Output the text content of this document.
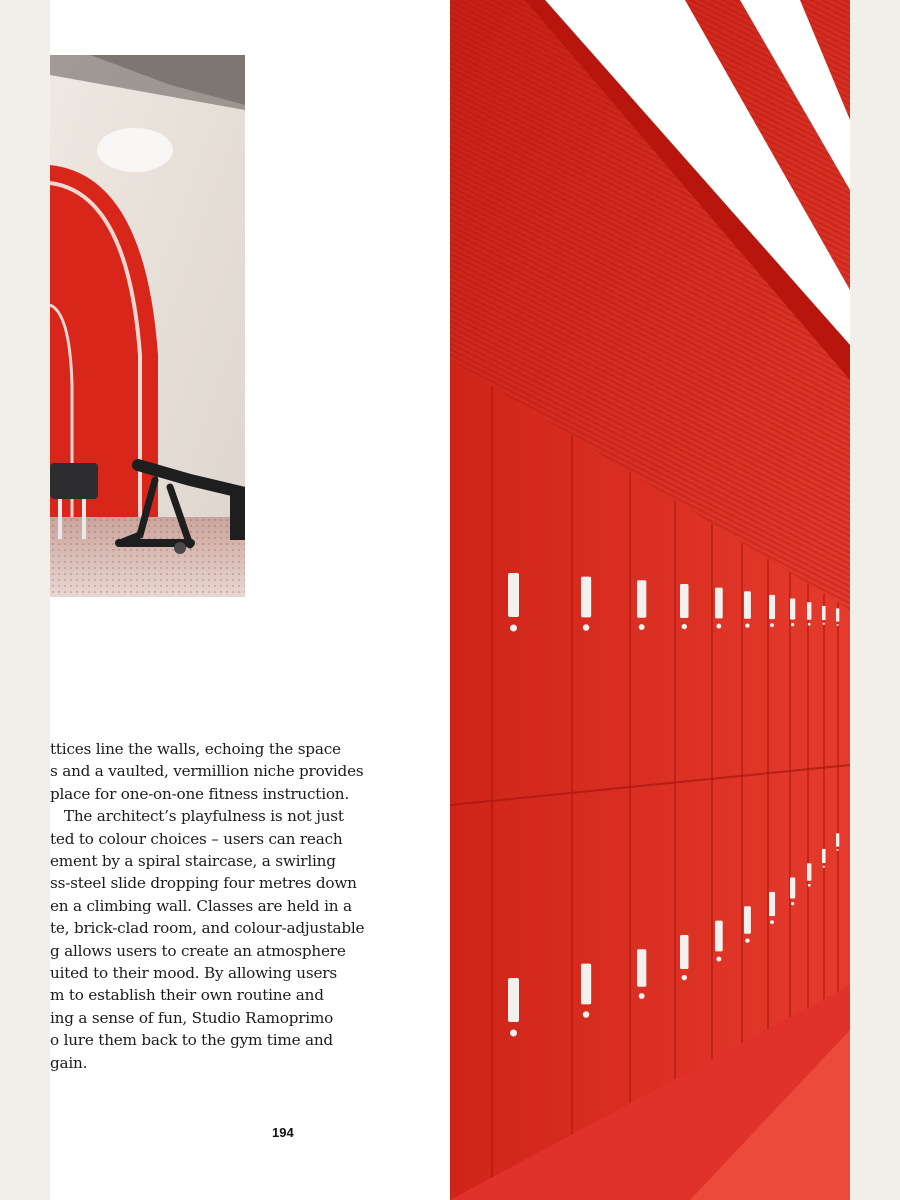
ttices line the walls, echoing the space
s and a vaulted, vermillion niche provides
place for one-on-one fitness instruction.
The architect’s playfulness is not just
ted to colour choices – users can reach
ement by a spiral staircase, a swirling
ss-steel slide dropping four metres down
en a climbing wall. Classes are held in a
te, brick-clad room, and colour-adjustable
g allows users to create an atmosphere
uited to their mood. By allowing users
m to establish their own routine and
ing a sense of fun, Studio Ramoprimo
o lure them back to the gym time and
gain.
194
